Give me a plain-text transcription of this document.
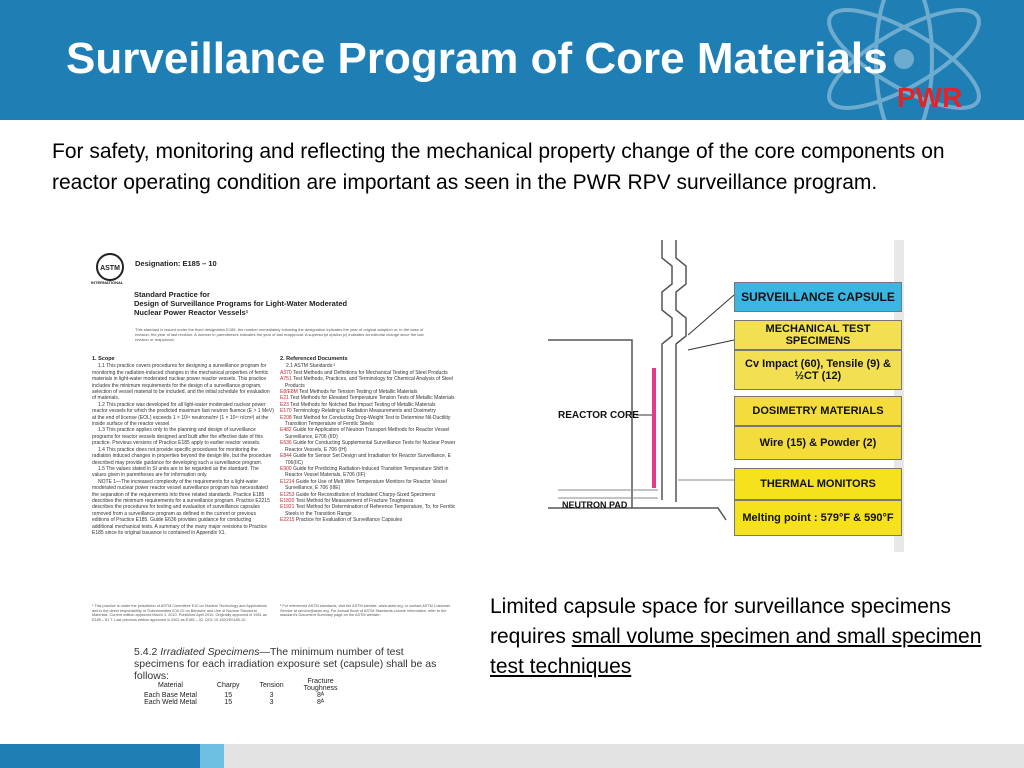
Surveillance Program of Core Materials
PWR
For safety, monitoring and reflecting the mechanical property change of the core components on reactor operating condition are important as seen in the PWR RPV surveillance program.
ASTM
INTERNATIONAL
Designation: E185 – 10
Standard Practice for
Design of Surveillance Programs for Light-Water Moderated
Nuclear Power Reactor Vessels¹
This standard is issued under the fixed designation E185; the number immediately following the designation indicates the year of original adoption or, in the case of revision, the year of last revision. A number in parentheses indicates the year of last reapproval. A superscript epsilon (ε) indicates an editorial change since the last revision or reapproval.
1. Scope
1.1 This practice covers procedures for designing a surveillance program for monitoring the radiation-induced changes in the mechanical properties of ferritic materials in light-water moderated nuclear power reactor vessels. This practice includes the minimum requirements for the design of a surveillance program, selection of vessel material to be included, and the initial schedule for evaluation of materials.
1.2 This practice was developed for all light-water moderated nuclear power reactor vessels for which the predicted maximum fast neutron fluence (E > 1 MeV) at the end of license (EOL) exceeds 1 × 10²¹ neutrons/m² (1 × 10¹⁷ n/cm²) at the inside surface of the reactor vessel.
1.3 This practice applies only to the planning and design of surveillance programs for reactor vessels designed and built after the effective date of this practice. Previous versions of Practice E185 apply to earlier reactor vessels.
1.4 This practice does not provide specific procedures for monitoring the radiation induced changes in properties beyond the design life, but the procedure described may provide guidance for developing such a surveillance program.
1.5 The values stated in SI units are to be regarded as the standard. The values given in parentheses are for information only.
NOTE 1—The increased complexity of the requirements for a light-water moderated nuclear power reactor vessel surveillance program has necessitated the separation of the requirements into three related standards. Practice E185 describes the minimum requirements for a surveillance program. Practice E2215 describes the procedures for testing and evaluation of surveillance capsules removed from a surveillance program as defined in the current or previous editions of Practice E185. Guide E636 provides guidance for conducting additional mechanical tests. A summary of the many major revisions to Practice E185 since its original issuance is contained in Appendix X1.
2. Referenced Documents
2.1 ASTM Standards:²
A370 Test Methods and Definitions for Mechanical Testing of Steel Products
A751 Test Methods, Practices, and Terminology for Chemical Analysis of Steel Products
E8/E8M Test Methods for Tension Testing of Metallic Materials
E21 Test Methods for Elevated Temperature Tension Tests of Metallic Materials
E23 Test Methods for Notched Bar Impact Testing of Metallic Materials
E170 Terminology Relating to Radiation Measurements and Dosimetry
E208 Test Method for Conducting Drop-Weight Test to Determine Nil-Ductility Transition Temperature of Ferritic Steels
E482 Guide for Application of Neutron Transport Methods for Reactor Vessel Surveillance, E706 (IID)
E636 Guide for Conducting Supplemental Surveillance Tests for Nuclear Power Reactor Vessels, E 706 (IH)
E844 Guide for Sensor Set Design and Irradiation for Reactor Surveillance, E 706(IIC)
E900 Guide for Predicting Radiation-Induced Transition Temperature Shift in Reactor Vessel Materials, E706 (IIF)
E1214 Guide for Use of Melt Wire Temperature Monitors for Reactor Vessel Surveillance, E 706 (IIIE)
E1253 Guide for Reconstitution of Irradiated Charpy-Sized Specimens
E1820 Test Method for Measurement of Fracture Toughness
E1921 Test Method for Determination of Reference Temperature, To, for Ferritic Steels in the Transition Range
E2215 Practice for Evaluation of Surveillance Capsules
¹ This practice is under the jurisdiction of ASTM Committee E10 on Nuclear Technology and Applications and is the direct responsibility of Subcommittee E10.02 on Behavior and Use of Nuclear Structural Materials. Current edition approved March 1, 2010. Published April 2010. Originally approved in 1961 as E185 – 61 T. Last previous edition approved in 2002 as E185 – 02. DOI: 10.1520/E0185-10.
² For referenced ASTM standards, visit the ASTM website, www.astm.org, or contact ASTM Customer Service at service@astm.org. For Annual Book of ASTM Standards volume information, refer to the standard's Document Summary page on the ASTM website.
5.4.2 Irradiated Specimens—The minimum number of test specimens for each irradiation exposure set (capsule) shall be as follows:
Material	Charpy	Tension	Fracture
Toughness
Each Base Metal	15	3	8ᴬ
Each Weld Metal	15	3	8ᴬ
REACTOR CORE
NEUTRON PAD
SURVEILLANCE CAPSULE
MECHANICAL TEST SPECIMENS
Cv Impact (60), Tensile (9) & ½CT (12)
DOSIMETRY MATERIALS
Wire (15) & Powder (2)
THERMAL MONITORS
Melting point : 579°F & 590°F
Limited capsule space for surveillance specimens requires small volume specimen and small specimen test techniques
